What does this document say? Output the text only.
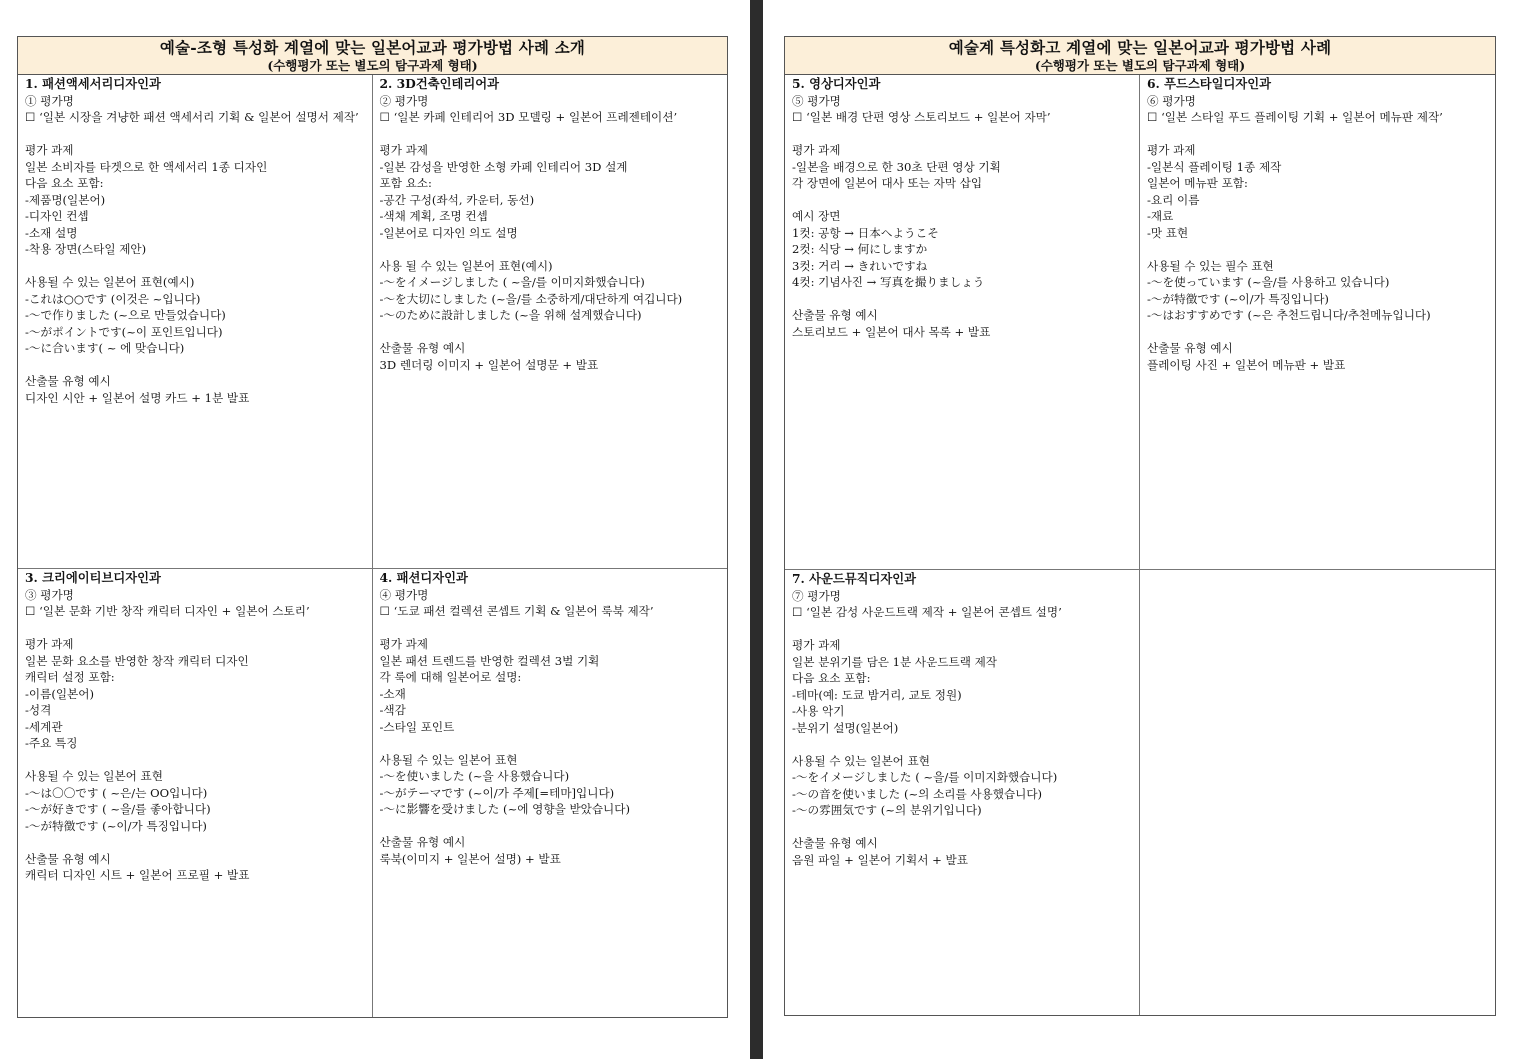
예술-조형 특성화 계열에 맞는 일본어교과 평가방법 사례 소개
(수행평가 또는 별도의 탐구과제 형태)
1. 패션액세서리디자인과
① 평가명
☐ ‘일본 시장을 겨냥한 패션 액세서리 기획 & 일본어 설명서 제작’
평가 과제
일본 소비자를 타겟으로 한 액세서리 1종 디자인
다음 요소 포함:
-제품명(일본어)
-디자인 컨셉
-소재 설명
-착용 장면(스타일 제안)
사용될 수 있는 일본어 표현(예시)
-これは○○です (이것은 ~입니다)
-～で作りました (~으로 만들었습니다)
-～がポイントです(~이 포인트입니다)
-～に合います( ~ 에 맞습니다)
산출물 유형 예시
디자인 시안 + 일본어 설명 카드 + 1분 발표
2. 3D건축인테리어과
② 평가명
☐ ‘일본 카페 인테리어 3D 모델링 + 일본어 프레젠테이션’
평가 과제
-일본 감성을 반영한 소형 카페 인테리어 3D 설계
포함 요소:
-공간 구성(좌석, 카운터, 동선)
-색채 계획, 조명 컨셉
-일본어로 디자인 의도 설명
사용 될 수 있는 일본어 표현(예시)
-～をイメージしました ( ~을/를 이미지화했습니다)
-～を大切にしました (~을/를 소중하게/대단하게 여깁니다)
-～のために設計しました (~을 위해 설계했습니다)
산출물 유형 예시
3D 렌더링 이미지 + 일본어 설명문 + 발표
3. 크리에이티브디자인과
③ 평가명
☐ ‘일본 문화 기반 창작 캐릭터 디자인 + 일본어 스토리’
평가 과제
일본 문화 요소를 반영한 창작 캐릭터 디자인
캐릭터 설정 포함:
-이름(일본어)
-성격
-세계관
-주요 특징
사용될 수 있는 일본어 표현
-～は〇〇です ( ~은/는 OO입니다)
-～が好きです ( ~을/를 좋아합니다)
-～が特徴です (~이/가 특징입니다)
산출물 유형 예시
캐릭터 디자인 시트 + 일본어 프로필 + 발표
4. 패션디자인과
④ 평가명
☐ ‘도쿄 패션 컬렉션 콘셉트 기획 & 일본어 룩북 제작’
평가 과제
일본 패션 트렌드를 반영한 컬렉션 3벌 기획
각 룩에 대해 일본어로 설명:
-소재
-색감
-스타일 포인트
사용될 수 있는 일본어 표현
-～を使いました (~을 사용했습니다)
-～がテーマです (~이/가 주제[=테마]입니다)
-～に影響を受けました (~에 영향을 받았습니다)
산출물 유형 예시
룩북(이미지 + 일본어 설명) + 발표
예술계 특성화고 계열에 맞는 일본어교과 평가방법 사례
(수행평가 또는 별도의 탐구과제 형태)
5. 영상디자인과
⑤ 평가명
☐ ‘일본 배경 단편 영상 스토리보드 + 일본어 자막’
평가 과제
-일본을 배경으로 한 30초 단편 영상 기획
각 장면에 일본어 대사 또는 자막 삽입
예시 장면
1컷: 공항 → 日本へようこそ
2컷: 식당 → 何にしますか
3컷: 거리 → きれいですね
4컷: 기념사진 → 写真を撮りましょう
산출물 유형 예시
스토리보드 + 일본어 대사 목록 + 발표
6. 푸드스타일디자인과
⑥ 평가명
☐ ‘일본 스타일 푸드 플레이팅 기획 + 일본어 메뉴판 제작’
평가 과제
-일본식 플레이팅 1종 제작
일본어 메뉴판 포함:
-요리 이름
-재료
-맛 표현
사용될 수 있는 필수 표현
-～を使っています (~을/를 사용하고 있습니다)
-～が特徴です (~이/가 특징입니다)
-～はおすすめです (~은 추천드립니다/추천메뉴입니다)
산출물 유형 예시
플레이팅 사진 + 일본어 메뉴판 + 발표
7. 사운드뮤직디자인과
⑦ 평가명
☐ ‘일본 감성 사운드트랙 제작 + 일본어 콘셉트 설명’
평가 과제
일본 분위기를 담은 1분 사운드트랙 제작
다음 요소 포함:
-테마(예: 도쿄 밤거리, 교토 정원)
-사용 악기
-분위기 설명(일본어)
사용될 수 있는 일본어 표현
-～をイメージしました ( ~을/를 이미지화했습니다)
-～の音を使いました (~의 소리를 사용했습니다)
-～の雰囲気です (~의 분위기입니다)
산출물 유형 예시
음원 파일 + 일본어 기획서 + 발표
